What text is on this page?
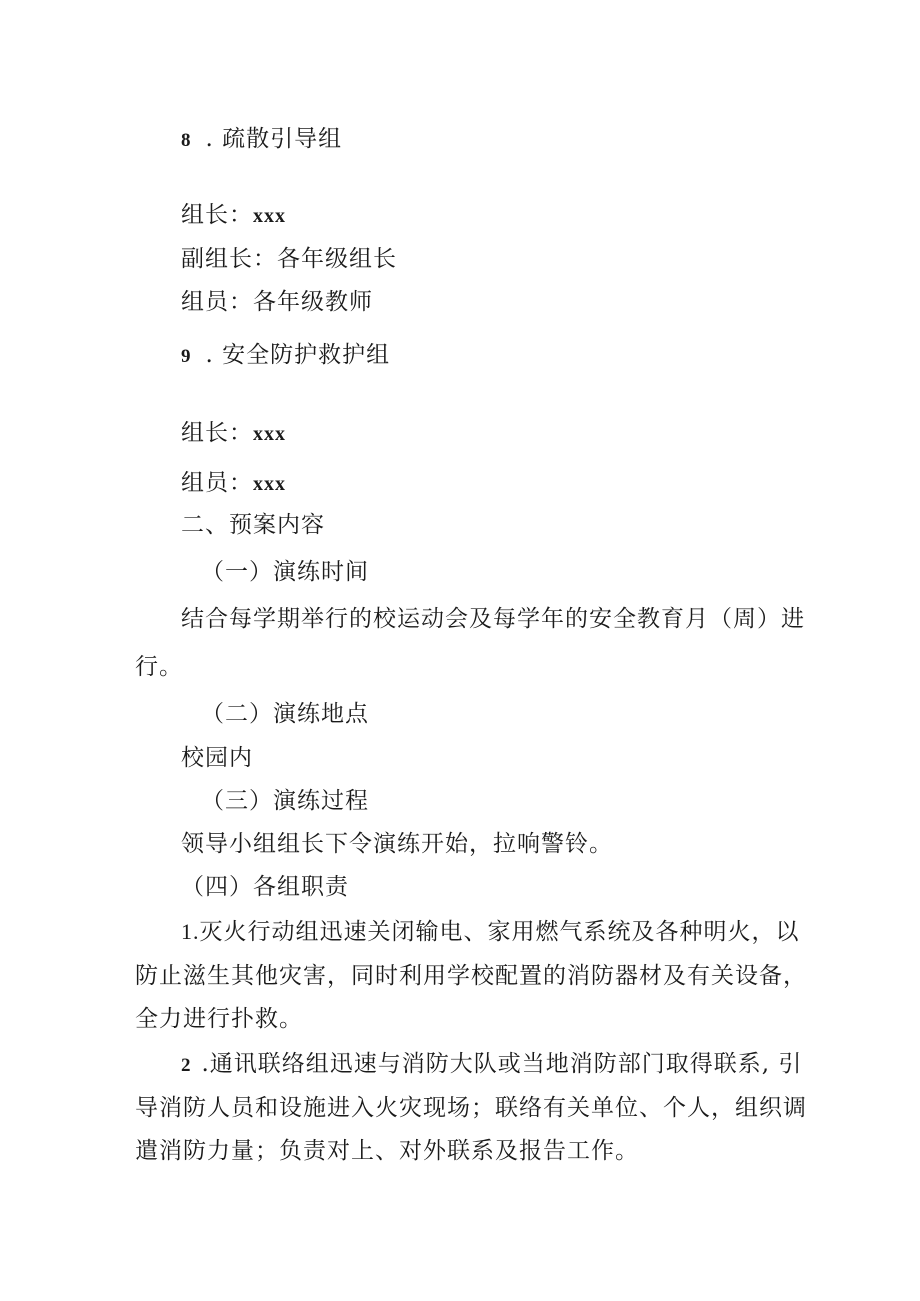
8 . 疏散引导组
组长：xxx
副组长：各年级组长
组员：各年级教师
9 . 安全防护救护组
组长：xxx
组员：xxx
二、预案内容
（一）演练时间
结合每学期举行的校运动会及每学年的安全教育月（周）进
行。
（二）演练地点
校园内
（三）演练过程
领导小组组长下令演练开始，拉响警铃。
（四）各组职责
1.灭火行动组迅速关闭输电、家用燃气系统及各种明火，以
防止滋生其他灾害，同时利用学校配置的消防器材及有关设备，
全力进行扑救。
2 .通讯联络组迅速与消防大队或当地消防部门取得联系, 引
导消防人员和设施进入火灾现场；联络有关单位、个人，组织调
遣消防力量；负责对上、对外联系及报告工作。
